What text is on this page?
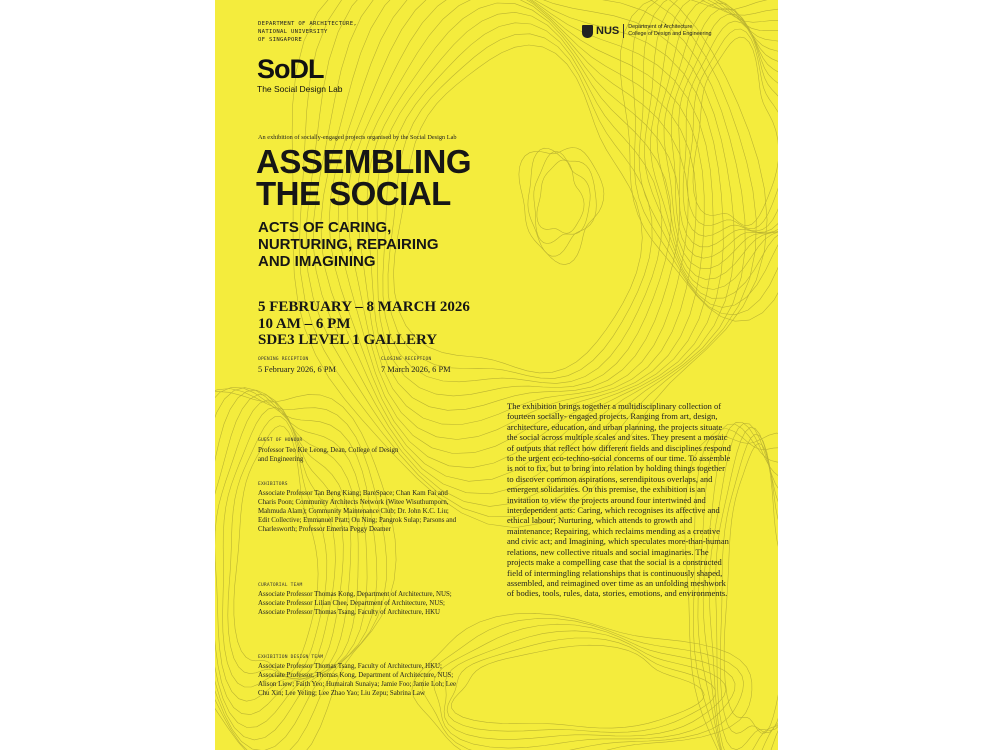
DEPARTMENT OF ARCHITECTURE,
NATIONAL UNIVERSITY
OF SINGAPORE
SoDL
The Social Design Lab
NUS Department of Architecture
College of Design and Engineering
An exhibition of socially-engaged projects organised by the Social Design Lab
ASSEMBLING
THE SOCIAL
ACTS OF CARING,
NURTURING, REPAIRING
AND IMAGINING
5 FEBRUARY – 8 MARCH 2026
10 AM – 6 PM
SDE3 LEVEL 1 GALLERY
OPENING RECEPTION
5 February 2026, 6 PM
CLOSING RECEPTION
7 March 2026, 6 PM
GUEST OF HONOUR
Professor Teo Kie Leong, Dean, College of Design and Engineering
EXHIBITORS
Associate Professor Tan Beng Kiang; BareSpace; Chan Kam Fai and Charis Poon; Community Architects Network (Witee Wisuthumporn, Mahmuda Alam); Community Maintenance Club; Dr. John K.C. Liu; Edit Collective; Emmanuel Pratt; Ou Ning; Pangrok Sulap; Parsons and Charlesworth; Professor Emerita Peggy Deamer
CURATORIAL TEAM
Associate Professor Thomas Kong, Department of Architecture, NUS; Associate Professor Lilian Chee, Department of Architecture, NUS; Associate Professor Thomas Tsang, Faculty of Architecture, HKU
EXHIBITION DESIGN TEAM
Associate Professor Thomas Tsang, Faculty of Architecture, HKU; Associate Professor, Thomas Kong, Department of Architecture, NUS; Alison Liew; Faith Yeo; Humairah Sunaiya; Jamie Foo; Jamie Loh; Lee Chu Xin; Lee Yeling; Lee Zhao Yao; Liu Zepu; Sabrina Law
The exhibition brings together a multidisciplinary collection of fourteen socially- engaged projects. Ranging from art, design, architecture, education, and urban planning, the projects situate the social across multiple scales and sites. They present a mosaic of outputs that reflect how different fields and disciplines respond to the urgent eco-techno-social concerns of our time. To assemble is not to fix, but to bring into relation by holding things together to discover common aspirations, serendipitous overlaps, and emergent solidarities. On this premise, the exhibition is an invitation to view the projects around four intertwined and interdependent acts: Caring, which recognises its affective and ethical labour; Nurturing, which attends to growth and maintenance; Repairing, which reclaims mending as a creative and civic act; and Imagining, which speculates more-than-human relations, new collective rituals and social imaginaries. The projects make a compelling case that the social is a constructed field of intermingling relationships that is continuously shaped, assembled, and reimagined over time as an unfolding meshwork of bodies, tools, rules, data, stories, emotions, and environments.
